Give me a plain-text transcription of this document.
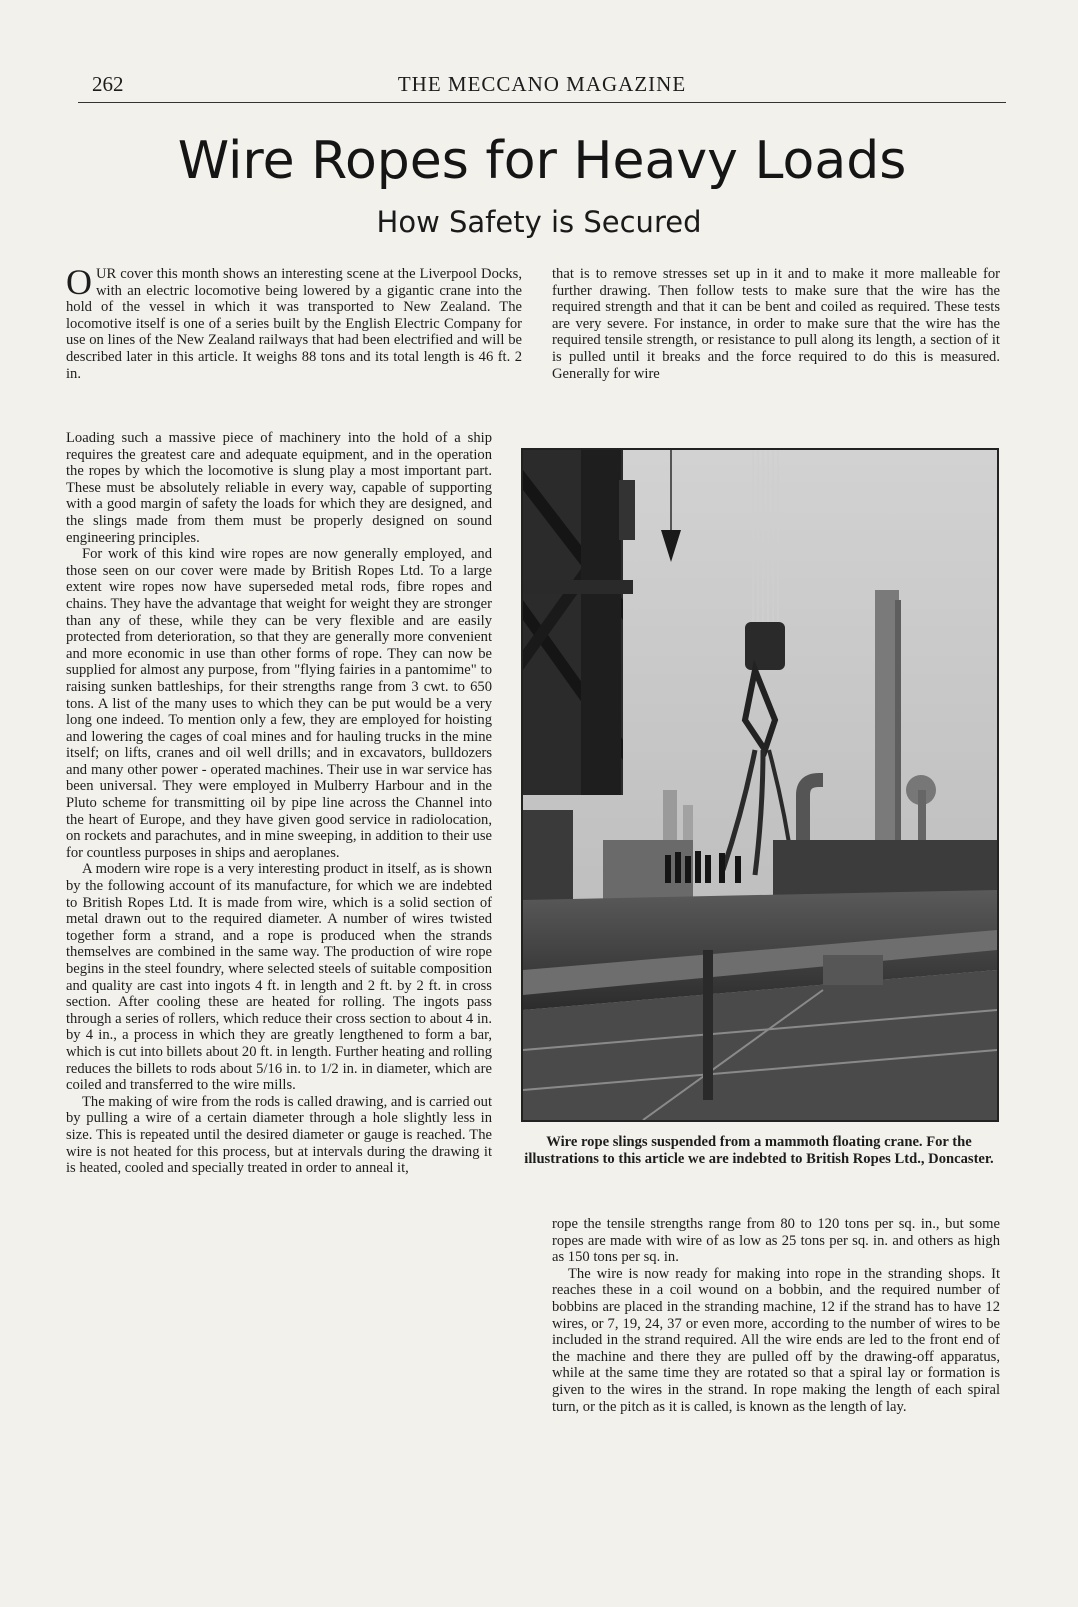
262	THE MECCANO MAGAZINE
Wire Ropes for Heavy Loads
How Safety is Secured

OUR cover this month shows an interesting scene at the Liverpool Docks, with an electric locomotive being lowered by a gigantic crane into the hold of the vessel in which it was transported to New Zealand. The locomotive itself is one of a series built by the English Electric Company for use on lines of the New Zealand railways that had been electrified and will be described later in this article. It weighs 88 tons and its total length is 46 ft. 2 in.

Loading such a massive piece of machinery into the hold of a ship requires the greatest care and adequate equipment, and in the operation the ropes by which the locomotive is slung play a most important part. These must be absolutely reliable in every way, capable of supporting with a good margin of safety the loads for which they are designed, and the slings made from them must be properly designed on sound engineering principles.

For work of this kind wire ropes are now generally employed, and those seen on our cover were made by British Ropes Ltd. To a large extent wire ropes now have superseded metal rods, fibre ropes and chains. They have the advantage that weight for weight they are stronger than any of these, while they can be very flexible and are easily protected from deterioration, so that they are generally more convenient and more economic in use than other forms of rope. They can now be supplied for almost any purpose, from "flying fairies in a pantomime" to raising sunken battleships, for their strengths range from 3 cwt. to 650 tons. A list of the many uses to which they can be put would be a very long one indeed. To mention only a few, they are employed for hoisting and lowering the cages of coal mines and for hauling trucks in the mine itself; on lifts, cranes and oil well drills; and in excavators, bulldozers and many other power - operated machines. Their use in war service has been universal. They were employed in Mulberry Harbour and in the Pluto scheme for transmitting oil by pipe line across the Channel into the heart of Europe, and they have given good service in radiolocation, on rockets and parachutes, and in mine sweeping, in addition to their use for countless purposes in ships and aeroplanes.

A modern wire rope is a very interesting product in itself, as is shown by the following account of its manufacture, for which we are indebted to British Ropes Ltd. It is made from wire, which is a solid section of metal drawn out to the required diameter. A number of wires twisted together form a strand, and a rope is produced when the strands themselves are combined in the same way. The production of wire rope begins in the steel foundry, where selected steels of suitable composition and quality are cast into ingots 4 ft. in length and 2 ft. by 2 ft. in cross section. After cooling these are heated for rolling. The ingots pass through a series of rollers, which reduce their cross section to about 4 in. by 4 in., a process in which they are greatly lengthened to form a bar, which is cut into billets about 20 ft. in length. Further heating and rolling reduces the billets to rods about 5/16 in. to 1/2 in. in diameter, which are coiled and transferred to the wire mills.

The making of wire from the rods is called drawing, and is carried out by pulling a wire of a certain diameter through a hole slightly less in size. This is repeated until the desired diameter or gauge is reached. The wire is not heated for this process, but at intervals during the drawing it is heated, cooled and specially treated in order to anneal it,

that is to remove stresses set up in it and to make it more malleable for further drawing. Then follow tests to make sure that the wire has the required strength and that it can be bent and coiled as required. These tests are very severe. For instance, in order to make sure that the wire has the required tensile strength, or resistance to pull along its length, a section of it is pulled until it breaks and the force required to do this is measured. Generally for wire

Wire rope slings suspended from a mammoth floating crane. For the illustrations to this article we are indebted to British Ropes Ltd., Doncaster.

rope the tensile strengths range from 80 to 120 tons per sq. in., but some ropes are made with wire of as low as 25 tons per sq. in. and others as high as 150 tons per sq. in.

The wire is now ready for making into rope in the stranding shops. It reaches these in a coil wound on a bobbin, and the required number of bobbins are placed in the stranding machine, 12 if the strand has to have 12 wires, or 7, 19, 24, 37 or even more, according to the number of wires to be included in the strand required. All the wire ends are led to the front end of the machine and there they are pulled off by the drawing-off apparatus, while at the same time they are rotated so that a spiral lay or formation is given to the wires in the strand. In rope making the length of each spiral turn, or the pitch as it is called, is known as the length of lay.
